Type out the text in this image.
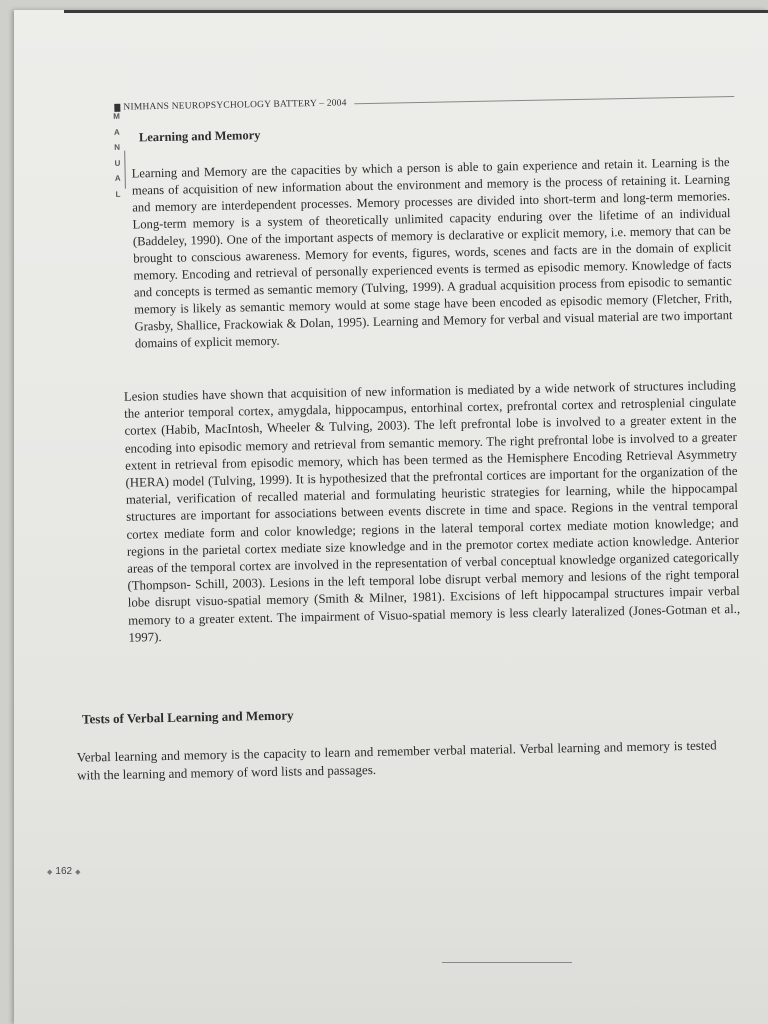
M
A
N
U
A
L
NIMHANS NEUROPSYCHOLOGY BATTERY – 2004
Learning and Memory

Learning and Memory are the capacities by which a person is able to gain experience and retain it. Learning is the means of acquisition of new information about the environment and memory is the process of retaining it. Learning and memory are interdependent processes. Memory processes are divided into short-term and long-term memories. Long-term memory is a system of theoretically unlimited capacity enduring over the lifetime of an individual (Baddeley, 1990). One of the important aspects of memory is declarative or explicit memory, i.e. memory that can be brought to conscious awareness. Memory for events, figures, words, scenes and facts are in the domain of explicit memory. Encoding and retrieval of personally experienced events is termed as episodic memory. Knowledge of facts and concepts is termed as semantic memory (Tulving, 1999). A gradual acquisition process from episodic to semantic memory is likely as semantic memory would at some stage have been encoded as episodic memory (Fletcher, Frith, Grasby, Shallice, Frackowiak & Dolan, 1995). Learning and Memory for verbal and visual material are two important domains of explicit memory.

Lesion studies have shown that acquisition of new information is mediated by a wide network of structures including the anterior temporal cortex, amygdala, hippocampus, entorhinal cortex, prefrontal cortex and retrosplenial cingulate cortex (Habib, MacIntosh, Wheeler & Tulving, 2003). The left prefrontal lobe is involved to a greater extent in the encoding into episodic memory and retrieval from semantic memory. The right prefrontal lobe is involved to a greater extent in retrieval from episodic memory, which has been termed as the Hemisphere Encoding Retrieval Asymmetry (HERA) model (Tulving, 1999). It is hypothesized that the prefrontal cortices are important for the organization of the material, verification of recalled material and formulating heuristic strategies for learning, while the hippocampal structures are important for associations between events discrete in time and space. Regions in the ventral temporal cortex mediate form and color knowledge; regions in the lateral temporal cortex mediate motion knowledge; and regions in the parietal cortex mediate size knowledge and in the premotor cortex mediate action knowledge. Anterior areas of the temporal cortex are involved in the representation of verbal conceptual knowledge organized categorically (Thompson- Schill, 2003). Lesions in the left temporal lobe disrupt verbal memory and lesions of the right temporal lobe disrupt visuo-spatial memory (Smith & Milner, 1981). Excisions of left hippocampal structures impair verbal memory to a greater extent. The impairment of Visuo-spatial memory is less clearly lateralized (Jones-Gotman et al., 1997).

Tests of Verbal Learning and Memory

Verbal learning and memory is the capacity to learn and remember verbal material. Verbal learning and memory is tested with the learning and memory of word lists and passages.

◆ 162 ◆
